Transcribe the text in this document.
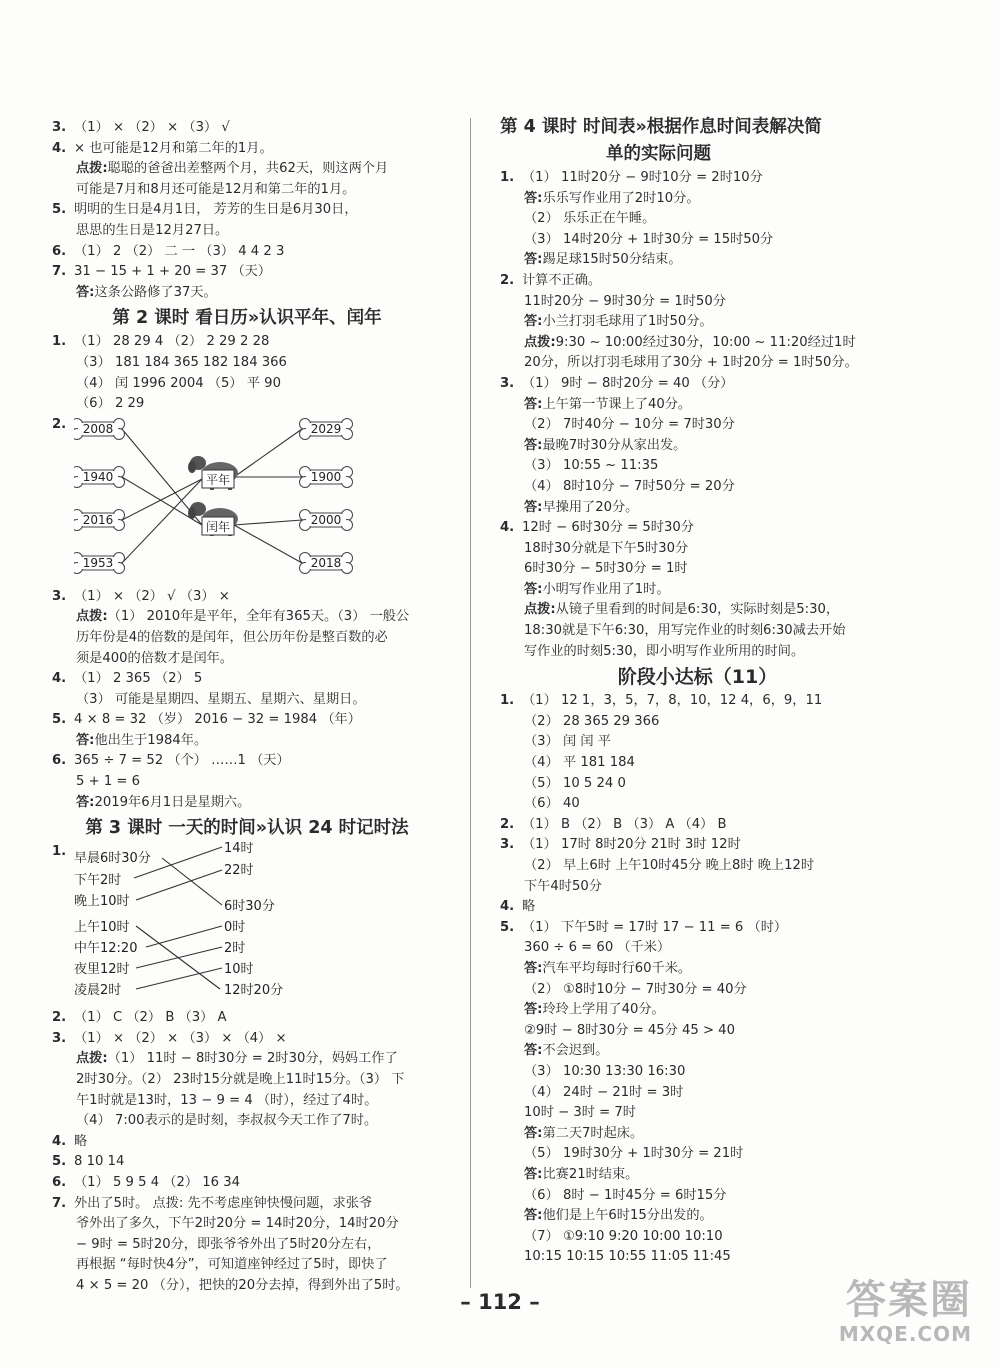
3. （1） × （2） × （3） √
4. × 也可能是12月和第二年的1月。
点拨:聪聪的爸爸出差整两个月，共62天，则这两个月
可能是7月和8月还可能是12月和第二年的1月。
5. 明明的生日是4月1日， 芳芳的生日是6月30日，
思思的生日是12月27日。
6. （1） 2 （2） 二 一 （3） 4 4 2 3
7. 31 − 15 + 1 + 20 = 37 （天）
答:这条公路修了37天。
第 2 课时 看日历»认识平年、闰年
1. （1） 28 29 4 （2） 2 29 2 28
（3） 181 184 365 182 184 366
（4） 闰 1996 2004 （5） 平 90
（6） 2 29
2. 2008
1940
2016
1953
2029
1900
2000
2018
平年
闰年
3. （1） × （2） √ （3） ×
点拨:（1） 2010年是平年，全年有365天。（3） 一般公
历年份是4的倍数的是闰年，但公历年份是整百数的必
须是400的倍数才是闰年。
4. （1） 2 365 （2） 5
（3） 可能是星期四、星期五、星期六、星期日。
5. 4 × 8 = 32 （岁） 2016 − 32 = 1984 （年）
答:他出生于1984年。
6. 365 ÷ 7 = 52 （个） ……1 （天）
5 + 1 = 6
答:2019年6月1日是星期六。
第 3 课时 一天的时间»认识 24 时记时法
1. 早晨6时30分
下午2时
晚上10时
上午10时
中午12:20
夜里12时
凌晨2时
14时
22时
6时30分
0时
2时
10时
12时20分
2. （1） C （2） B （3） A
3. （1） × （2） × （3） × （4） ×
点拨:（1） 11时 − 8时30分 = 2时30分，妈妈工作了
2时30分。（2） 23时15分就是晚上11时15分。（3） 下
午1时就是13时，13 − 9 = 4 （时），经过了4时。
（4） 7:00表示的是时刻，李叔叔今天工作了7时。
4. 略
5. 8 10 14
6. （1） 5 9 5 4 （2） 16 34
7. 外出了5时。 点拨: 先不考虑座钟快慢问题，求张爷
爷外出了多久，下午2时20分 = 14时20分，14时20分
− 9时 = 5时20分，即张爷爷外出了5时20分左右，
再根据 “每时快4分”，可知道座钟经过了5时，即快了
4 × 5 = 20 （分），把快的20分去掉，得到外出了5时。
第 4 课时 时间表»根据作息时间表解决简
单的实际问题
1. （1） 11时20分 − 9时10分 = 2时10分
答:乐乐写作业用了2时10分。
（2） 乐乐正在午睡。
（3） 14时20分 + 1时30分 = 15时50分
答:踢足球15时50分结束。
2. 计算不正确。
11时20分 − 9时30分 = 1时50分
答:小兰打羽毛球用了1时50分。
点拨:9:30 ~ 10:00经过30分，10:00 ~ 11:20经过1时
20分，所以打羽毛球用了30分 + 1时20分 = 1时50分。
3. （1） 9时 − 8时20分 = 40 （分）
答:上午第一节课上了40分。
（2） 7时40分 − 10分 = 7时30分
答:最晚7时30分从家出发。
（3） 10:55 ~ 11:35
（4） 8时10分 − 7时50分 = 20分
答:早操用了20分。
4. 12时 − 6时30分 = 5时30分
18时30分就是下午5时30分
6时30分 − 5时30分 = 1时
答:小明写作业用了1时。
点拨:从镜子里看到的时间是6:30，实际时刻是5:30，
18:30就是下午6:30，用写完作业的时刻6:30减去开始
写作业的时刻5:30，即小明写作业所用的时间。
阶段小达标（11）
1. （1） 12 1，3，5，7，8，10，12 4，6，9，11
（2） 28 365 29 366
（3） 闰 闰 平
（4） 平 181 184
（5） 10 5 24 0
（6） 40
2. （1） B （2） B （3） A （4） B
3. （1） 17时 8时20分 21时 3时 12时
（2） 早上6时 上午10时45分 晚上8时 晚上12时
下午4时50分
4. 略
5. （1） 下午5时 = 17时 17 − 11 = 6 （时）
360 ÷ 6 = 60 （千米）
答:汽车平均每时行60千米。
（2） ①8时10分 − 7时30分 = 40分
答:玲玲上学用了40分。
②9时 − 8时30分 = 45分 45 > 40
答:不会迟到。
（3） 10:30 13:30 16:30
（4） 24时 − 21时 = 3时
10时 − 3时 = 7时
答:第二天7时起床。
（5） 19时30分 + 1时30分 = 21时
答:比赛21时结束。
（6） 8时 − 1时45分 = 6时15分
答:他们是上午6时15分出发的。
（7） ①9:10 9:20 10:00 10:10
10:15 10:15 10:55 11:05 11:45
– 112 –	答案圈
MXQE.COM
